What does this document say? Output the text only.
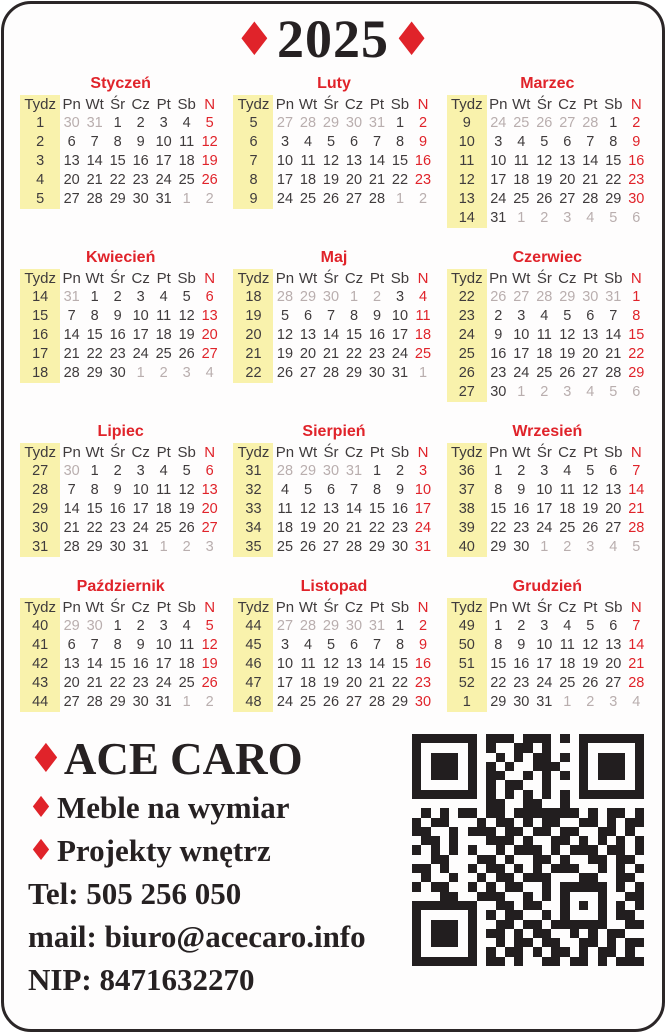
♦ 2025 ♦
Styczeń
Tydz	Pn	Wt	Śr	Cz	Pt	Sb	N
1	30	31	1	2	3	4	5
2	6	7	8	9	10	11	12
3	13	14	15	16	17	18	19
4	20	21	22	23	24	25	26
5	27	28	29	30	31	1	2
Luty
Tydz	Pn	Wt	Śr	Cz	Pt	Sb	N
5	27	28	29	30	31	1	2
6	3	4	5	6	7	8	9
7	10	11	12	13	14	15	16
8	17	18	19	20	21	22	23
9	24	25	26	27	28	1	2
Marzec
Tydz	Pn	Wt	Śr	Cz	Pt	Sb	N
9	24	25	26	27	28	1	2
10	3	4	5	6	7	8	9
11	10	11	12	13	14	15	16
12	17	18	19	20	21	22	23
13	24	25	26	27	28	29	30
14	31	1	2	3	4	5	6
Kwiecień
Tydz	Pn	Wt	Śr	Cz	Pt	Sb	N
14	31	1	2	3	4	5	6
15	7	8	9	10	11	12	13
16	14	15	16	17	18	19	20
17	21	22	23	24	25	26	27
18	28	29	30	1	2	3	4
Maj
Tydz	Pn	Wt	Śr	Cz	Pt	Sb	N
18	28	29	30	1	2	3	4
19	5	6	7	8	9	10	11
20	12	13	14	15	16	17	18
21	19	20	21	22	23	24	25
22	26	27	28	29	30	31	1
Czerwiec
Tydz	Pn	Wt	Śr	Cz	Pt	Sb	N
22	26	27	28	29	30	31	1
23	2	3	4	5	6	7	8
24	9	10	11	12	13	14	15
25	16	17	18	19	20	21	22
26	23	24	25	26	27	28	29
27	30	1	2	3	4	5	6
Lipiec
Tydz	Pn	Wt	Śr	Cz	Pt	Sb	N
27	30	1	2	3	4	5	6
28	7	8	9	10	11	12	13
29	14	15	16	17	18	19	20
30	21	22	23	24	25	26	27
31	28	29	30	31	1	2	3
Sierpień
Tydz	Pn	Wt	Śr	Cz	Pt	Sb	N
31	28	29	30	31	1	2	3
32	4	5	6	7	8	9	10
33	11	12	13	14	15	16	17
34	18	19	20	21	22	23	24
35	25	26	27	28	29	30	31
Wrzesień
Tydz	Pn	Wt	Śr	Cz	Pt	Sb	N
36	1	2	3	4	5	6	7
37	8	9	10	11	12	13	14
38	15	16	17	18	19	20	21
39	22	23	24	25	26	27	28
40	29	30	1	2	3	4	5
Październik
Tydz	Pn	Wt	Śr	Cz	Pt	Sb	N
40	29	30	1	2	3	4	5
41	6	7	8	9	10	11	12
42	13	14	15	16	17	18	19
43	20	21	22	23	24	25	26
44	27	28	29	30	31	1	2
Listopad
Tydz	Pn	Wt	Śr	Cz	Pt	Sb	N
44	27	28	29	30	31	1	2
45	3	4	5	6	7	8	9
46	10	11	12	13	14	15	16
47	17	18	19	20	21	22	23
48	24	25	26	27	28	29	30
Grudzień
Tydz	Pn	Wt	Śr	Cz	Pt	Sb	N
49	1	2	3	4	5	6	7
50	8	9	10	11	12	13	14
51	15	16	17	18	19	20	21
52	22	23	24	25	26	27	28
1	29	30	31	1	2	3	4
♦ ACE CARO
♦ Meble na wymiar
♦ Projekty wnętrz
Tel: 505 256 050
mail: biuro@acecaro.info
NIP: 8471632270
